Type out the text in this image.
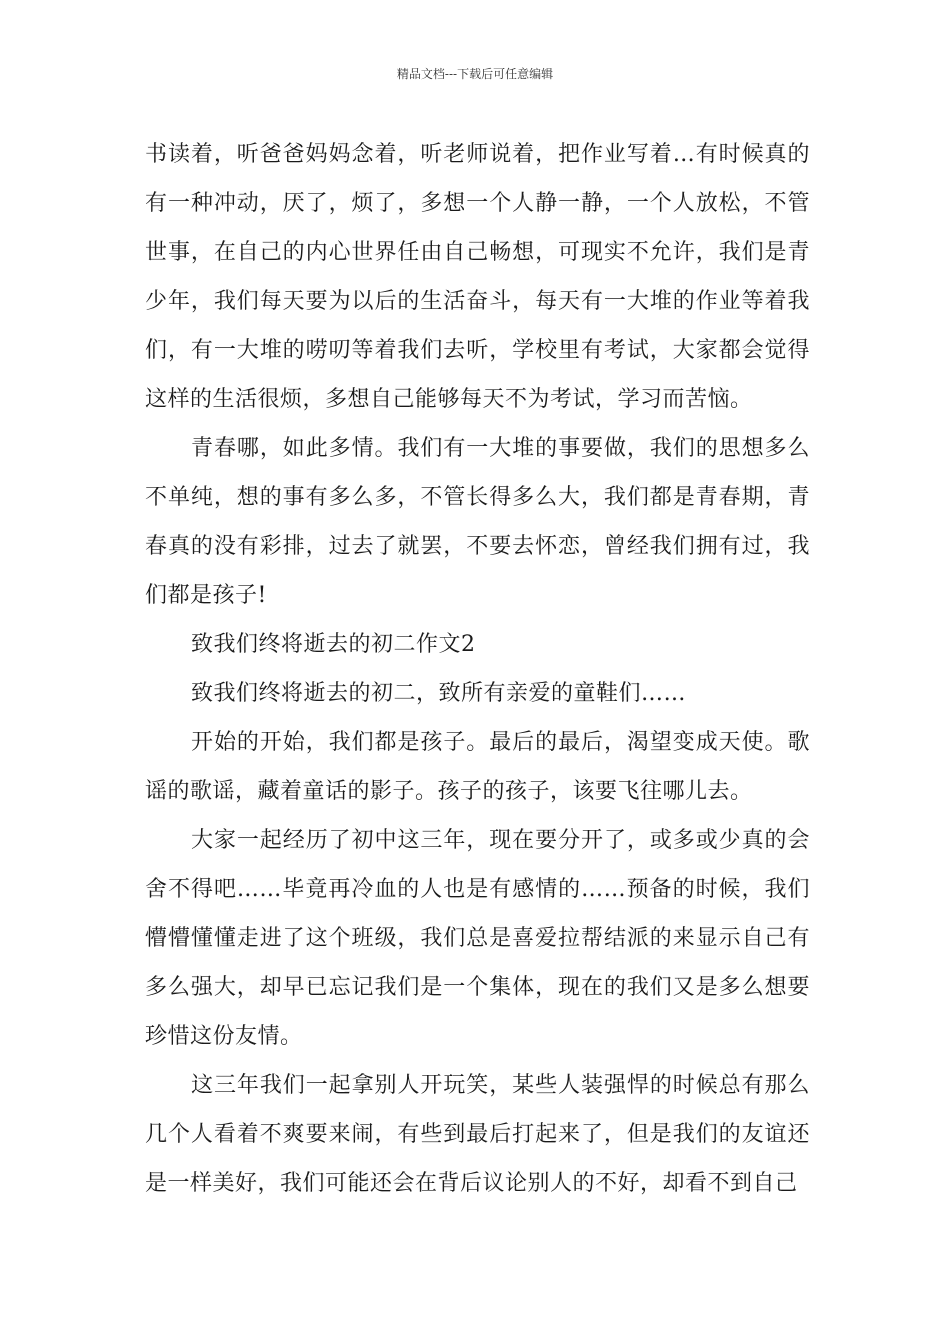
精品文档---下载后可任意编辑

书读着，听爸爸妈妈念着，听老师说着，把作业写着…有时候真的有一种冲动，厌了，烦了，多想一个人静一静，一个人放松，不管世事，在自己的内心世界任由自己畅想，可现实不允许，我们是青少年，我们每天要为以后的生活奋斗，每天有一大堆的作业等着我们，有一大堆的唠叨等着我们去听，学校里有考试，大家都会觉得这样的生活很烦，多想自己能够每天不为考试，学习而苦恼。

青春哪，如此多情。我们有一大堆的事要做，我们的思想多么不单纯，想的事有多么多，不管长得多么大，我们都是青春期，青春真的没有彩排，过去了就罢，不要去怀恋，曾经我们拥有过，我们都是孩子!

致我们终将逝去的初二作文2

致我们终将逝去的初二，致所有亲爱的童鞋们……

开始的开始，我们都是孩子。最后的最后，渴望变成天使。歌谣的歌谣，藏着童话的影子。孩子的孩子，该要飞往哪儿去。

大家一起经历了初中这三年，现在要分开了，或多或少真的会舍不得吧……毕竟再冷血的人也是有感情的……预备的时候，我们懵懵懂懂走进了这个班级，我们总是喜爱拉帮结派的来显示自己有多么强大，却早已忘记我们是一个集体，现在的我们又是多么想要珍惜这份友情。

这三年我们一起拿别人开玩笑，某些人装强悍的时候总有那么几个人看着不爽要来闹，有些到最后打起来了，但是我们的友谊还是一样美好，我们可能还会在背后议论别人的不好，却看不到自己
